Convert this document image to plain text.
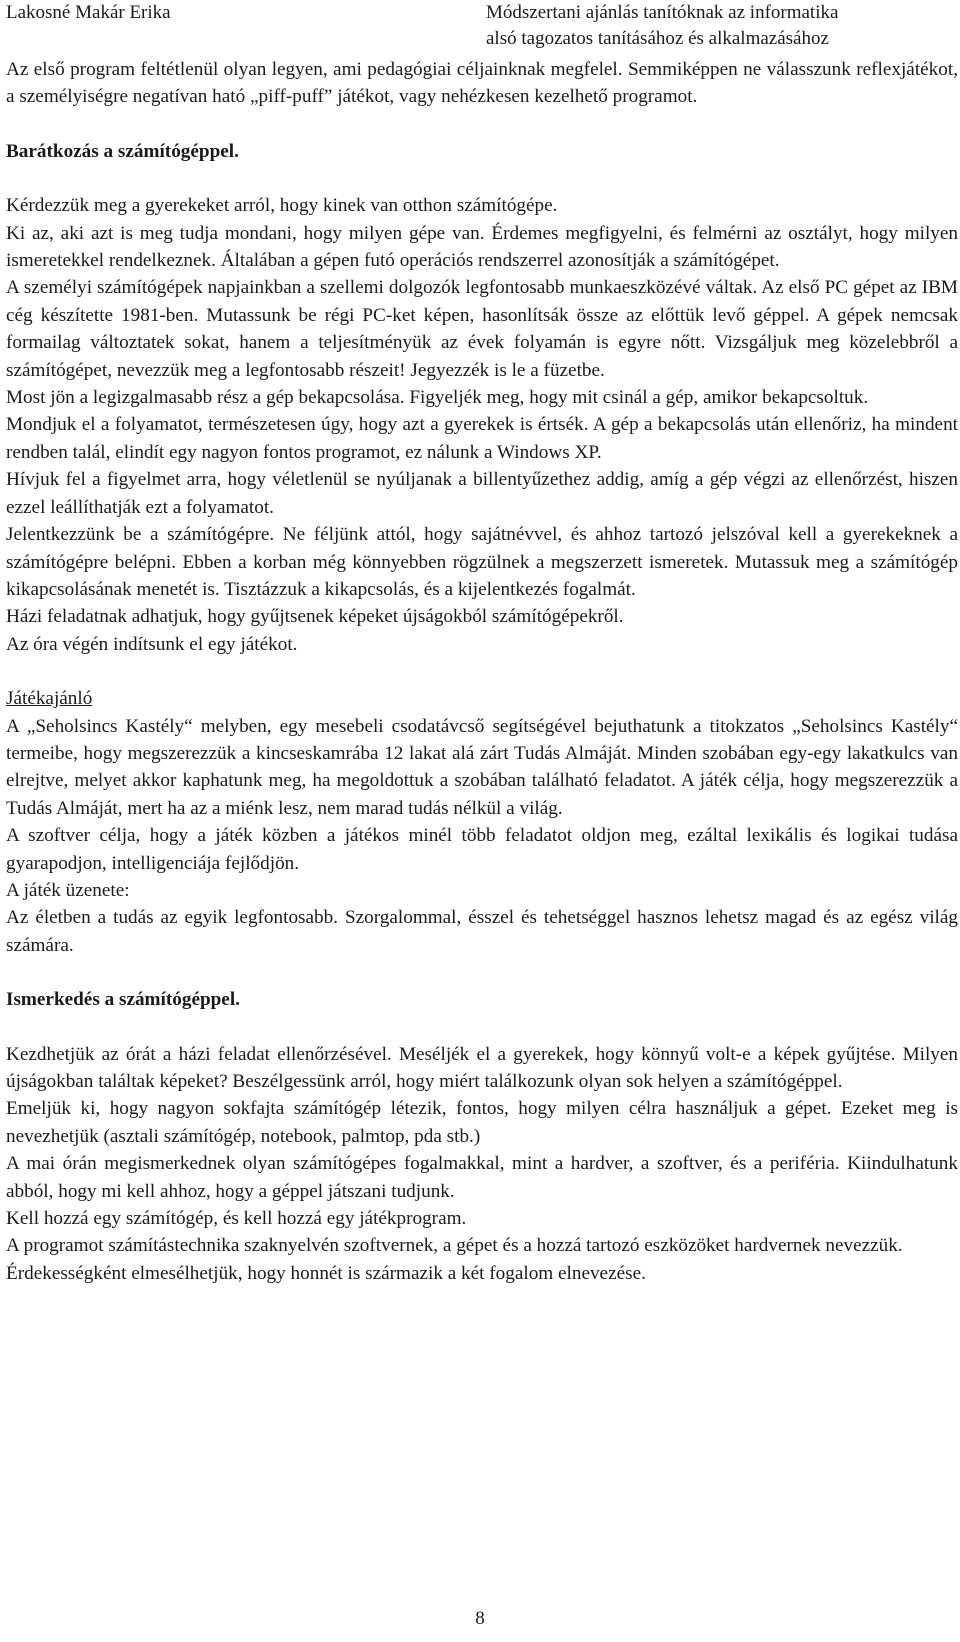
Lakosné Makár Erika	Módszertani ajánlás tanítóknak az informatika
alsó tagozatos tanításához és alkalmazásához

Az első program feltétlenül olyan legyen, ami pedagógiai céljainknak megfelel. Semmiképpen ne válasszunk reflexjátékot, a személyiségre negatívan ható „piff-puff” játékot, vagy nehézkesen kezelhető programot.

Barátkozás a számítógéppel.

Kérdezzük meg a gyerekeket arról, hogy kinek van otthon számítógépe.

Ki az, aki azt is meg tudja mondani, hogy milyen gépe van. Érdemes megfigyelni, és felmérni az osztályt, hogy milyen ismeretekkel rendelkeznek. Általában a gépen futó operációs rendszerrel azonosítják a számítógépet.

A személyi számítógépek napjainkban a szellemi dolgozók legfontosabb munkaeszközévé váltak. Az első PC gépet az IBM cég készítette 1981-ben. Mutassunk be régi PC-ket képen, hasonlítsák össze az előttük levő géppel. A gépek nemcsak formailag változtatek sokat, hanem a teljesítményük az évek folyamán is egyre nőtt. Vizsgáljuk meg közelebbről a számítógépet, nevezzük meg a legfontosabb részeit! Jegyezzék is le a füzetbe.

Most jön a legizgalmasabb rész a gép bekapcsolása. Figyeljék meg, hogy mit csinál a gép, amikor bekapcsoltuk.

Mondjuk el a folyamatot, természetesen úgy, hogy azt a gyerekek is értsék. A gép a bekapcsolás után ellenőriz, ha mindent rendben talál, elindít egy nagyon fontos programot, ez nálunk a Windows XP.

Hívjuk fel a figyelmet arra, hogy véletlenül se nyúljanak a billentyűzethez addig, amíg a gép végzi az ellenőrzést, hiszen ezzel leállíthatják ezt a folyamatot.

Jelentkezzünk be a számítógépre. Ne féljünk attól, hogy sajátnévvel, és ahhoz tartozó jelszóval kell a gyerekeknek a számítógépre belépni. Ebben a korban még könnyebben rögzülnek a megszerzett ismeretek. Mutassuk meg a számítógép kikapcsolásának menetét is. Tisztázzuk a kikapcsolás, és a kijelentkezés fogalmát.

Házi feladatnak adhatjuk, hogy gyűjtsenek képeket újságokból számítógépekről.

Az óra végén indítsunk el egy játékot.

Játékajánló

A „Seholsincs Kastély“ melyben, egy mesebeli csodatávcső segítségével bejuthatunk a titokzatos „Seholsincs Kastély“ termeibe, hogy megszerezzük a kincseskamrába 12 lakat alá zárt Tudás Almáját. Minden szobában egy-egy lakatkulcs van elrejtve, melyet akkor kaphatunk meg, ha megoldottuk a szobában található feladatot. A játék célja, hogy megszerezzük a Tudás Almáját, mert ha az a miénk lesz, nem marad tudás nélkül a világ.

A szoftver célja, hogy a játék közben a játékos minél több feladatot oldjon meg, ezáltal lexikális és logikai tudása gyarapodjon, intelligenciája fejlődjön.

A játék üzenete:

Az életben a tudás az egyik legfontosabb. Szorgalommal, ésszel és tehetséggel hasznos lehetsz magad és az egész világ számára.

Ismerkedés a számítógéppel.

Kezdhetjük az órát a házi feladat ellenőrzésével. Meséljék el a gyerekek, hogy könnyű volt-e a képek gyűjtése. Milyen újságokban találtak képeket? Beszélgessünk arról, hogy miért találkozunk olyan sok helyen a számítógéppel.

Emeljük ki, hogy nagyon sokfajta számítógép létezik, fontos, hogy milyen célra használjuk a gépet. Ezeket meg is nevezhetjük (asztali számítógép, notebook, palmtop, pda stb.)

A mai órán megismerkednek olyan számítógépes fogalmakkal, mint a hardver, a szoftver, és a periféria. Kiindulhatunk abból, hogy mi kell ahhoz, hogy a géppel játszani tudjunk.

Kell hozzá egy számítógép, és kell hozzá egy játékprogram.

A programot számítástechnika szaknyelvén szoftvernek, a gépet és a hozzá tartozó eszközöket hardvernek nevezzük.

Érdekességként elmesélhetjük, hogy honnét is származik a két fogalom elnevezése.

8
